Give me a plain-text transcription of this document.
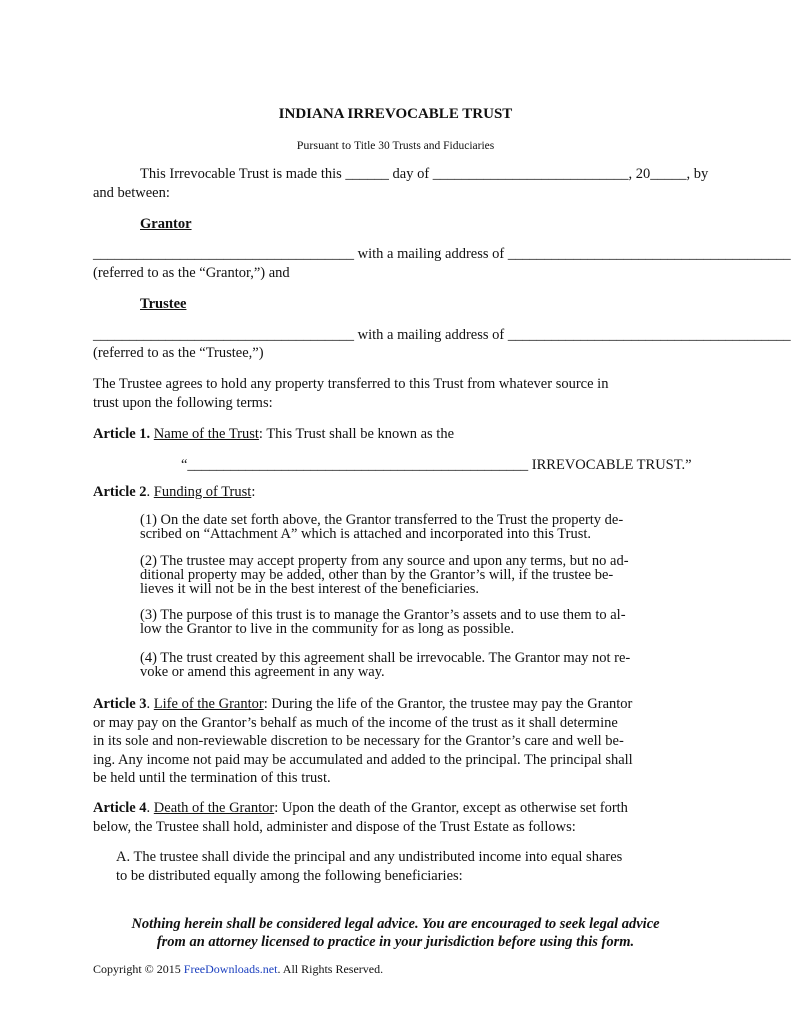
INDIANA IRREVOCABLE TRUST
Pursuant to Title 30 Trusts and Fiduciaries
This Irrevocable Trust is made this ______ day of ___________________________, 20_____, by
and between:
Grantor
____________________________________ with a mailing address of _______________________________________
(referred to as the “Grantor,”) and
Trustee
____________________________________ with a mailing address of _______________________________________
(referred to as the “Trustee,”)
The Trustee agrees to hold any property transferred to this Trust from whatever source in
trust upon the following terms:
Article 1. Name of the Trust: This Trust shall be known as the
“_______________________________________________ IRREVOCABLE TRUST.”
Article 2. Funding of Trust:
(1) On the date set forth above, the Grantor transferred to the Trust the property de-
scribed on “Attachment A” which is attached and incorporated into this Trust.
(2) The trustee may accept property from any source and upon any terms, but no ad-
ditional property may be added, other than by the Grantor’s will, if the trustee be-
lieves it will not be in the best interest of the beneficiaries.
(3) The purpose of this trust is to manage the Grantor’s assets and to use them to al-
low the Grantor to live in the community for as long as possible.
(4) The trust created by this agreement shall be irrevocable. The Grantor may not re-
voke or amend this agreement in any way.
Article 3. Life of the Grantor: During the life of the Grantor, the trustee may pay the Grantor
or may pay on the Grantor’s behalf as much of the income of the trust as it shall determine
in its sole and non-reviewable discretion to be necessary for the Grantor’s care and well be-
ing. Any income not paid may be accumulated and added to the principal. The principal shall
be held until the termination of this trust.
Article 4. Death of the Grantor: Upon the death of the Grantor, except as otherwise set forth
below, the Trustee shall hold, administer and dispose of the Trust Estate as follows:
A. The trustee shall divide the principal and any undistributed income into equal shares
to be distributed equally among the following beneficiaries:
Nothing herein shall be considered legal advice. You are encouraged to seek legal advice
from an attorney licensed to practice in your jurisdiction before using this form.
Copyright © 2015 FreeDownloads.net. All Rights Reserved.
